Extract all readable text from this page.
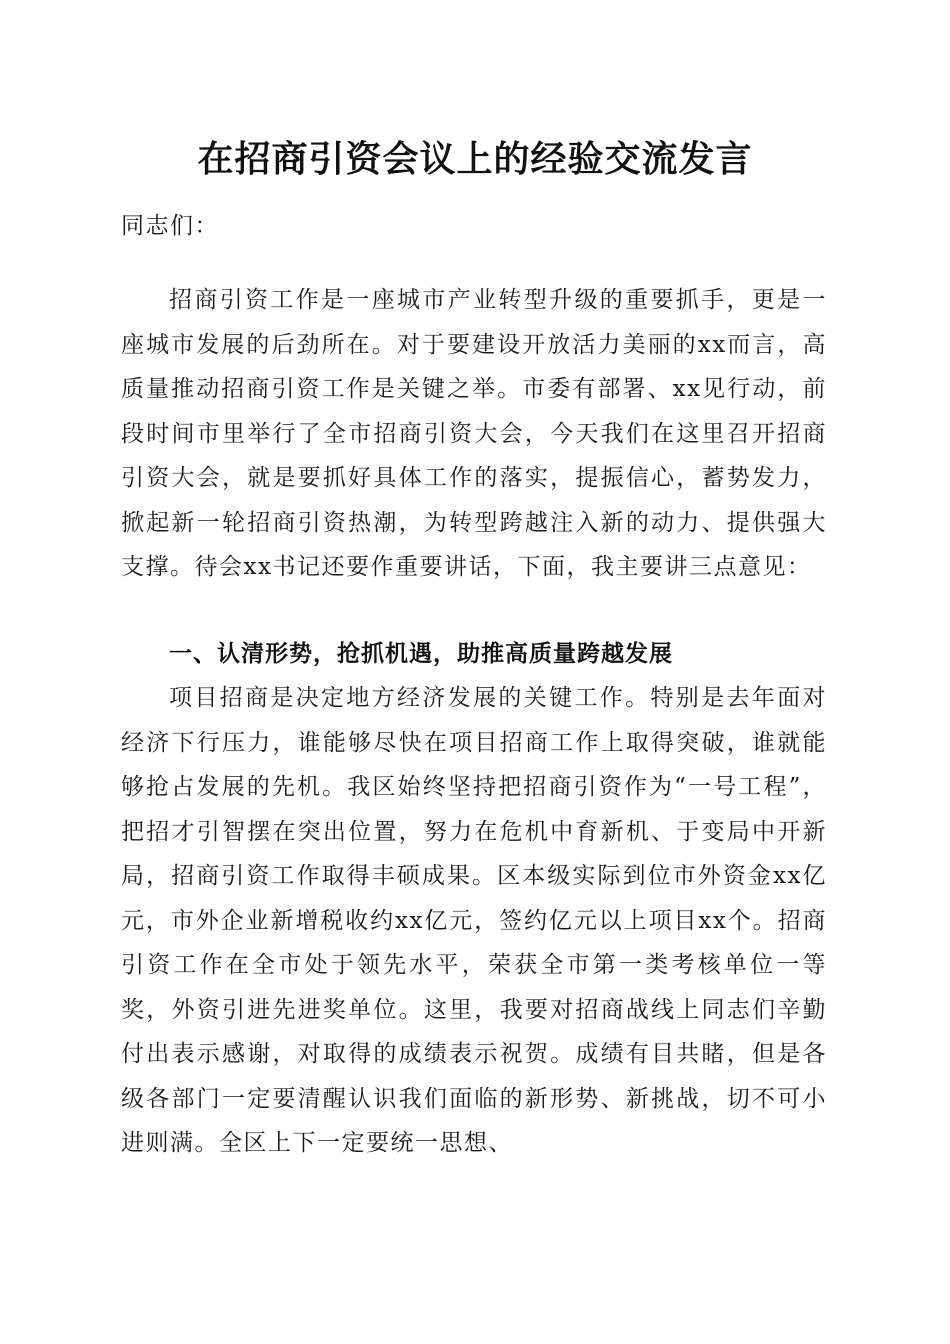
在招商引资会议上的经验交流发言

同志们：

招商引资工作是一座城市产业转型升级的重要抓手，更是一座城市发展的后劲所在。对于要建设开放活力美丽的xx而言，高质量推动招商引资工作是关键之举。市委有部署、xx见行动，前段时间市里举行了全市招商引资大会，今天我们在这里召开招商引资大会，就是要抓好具体工作的落实，提振信心，蓄势发力，掀起新一轮招商引资热潮，为转型跨越注入新的动力、提供强大支撑。待会xx书记还要作重要讲话，下面，我主要讲三点意见：

一、认清形势，抢抓机遇，助推高质量跨越发展

项目招商是决定地方经济发展的关键工作。特别是去年面对经济下行压力，谁能够尽快在项目招商工作上取得突破，谁就能够抢占发展的先机。我区始终坚持把招商引资作为“一号工程”，把招才引智摆在突出位置，努力在危机中育新机、于变局中开新局，招商引资工作取得丰硕成果。区本级实际到位市外资金xx亿元，市外企业新增税收约xx亿元，签约亿元以上项目xx个。招商引资工作在全市处于领先水平，荣获全市第一类考核单位一等奖，外资引进先进奖单位。这里，我要对招商战线上同志们辛勤付出表示感谢，对取得的成绩表示祝贺。成绩有目共睹，但是各级各部门一定要清醒认识我们面临的新形势、新挑战，切不可小进则满。全区上下一定要统一思想、
